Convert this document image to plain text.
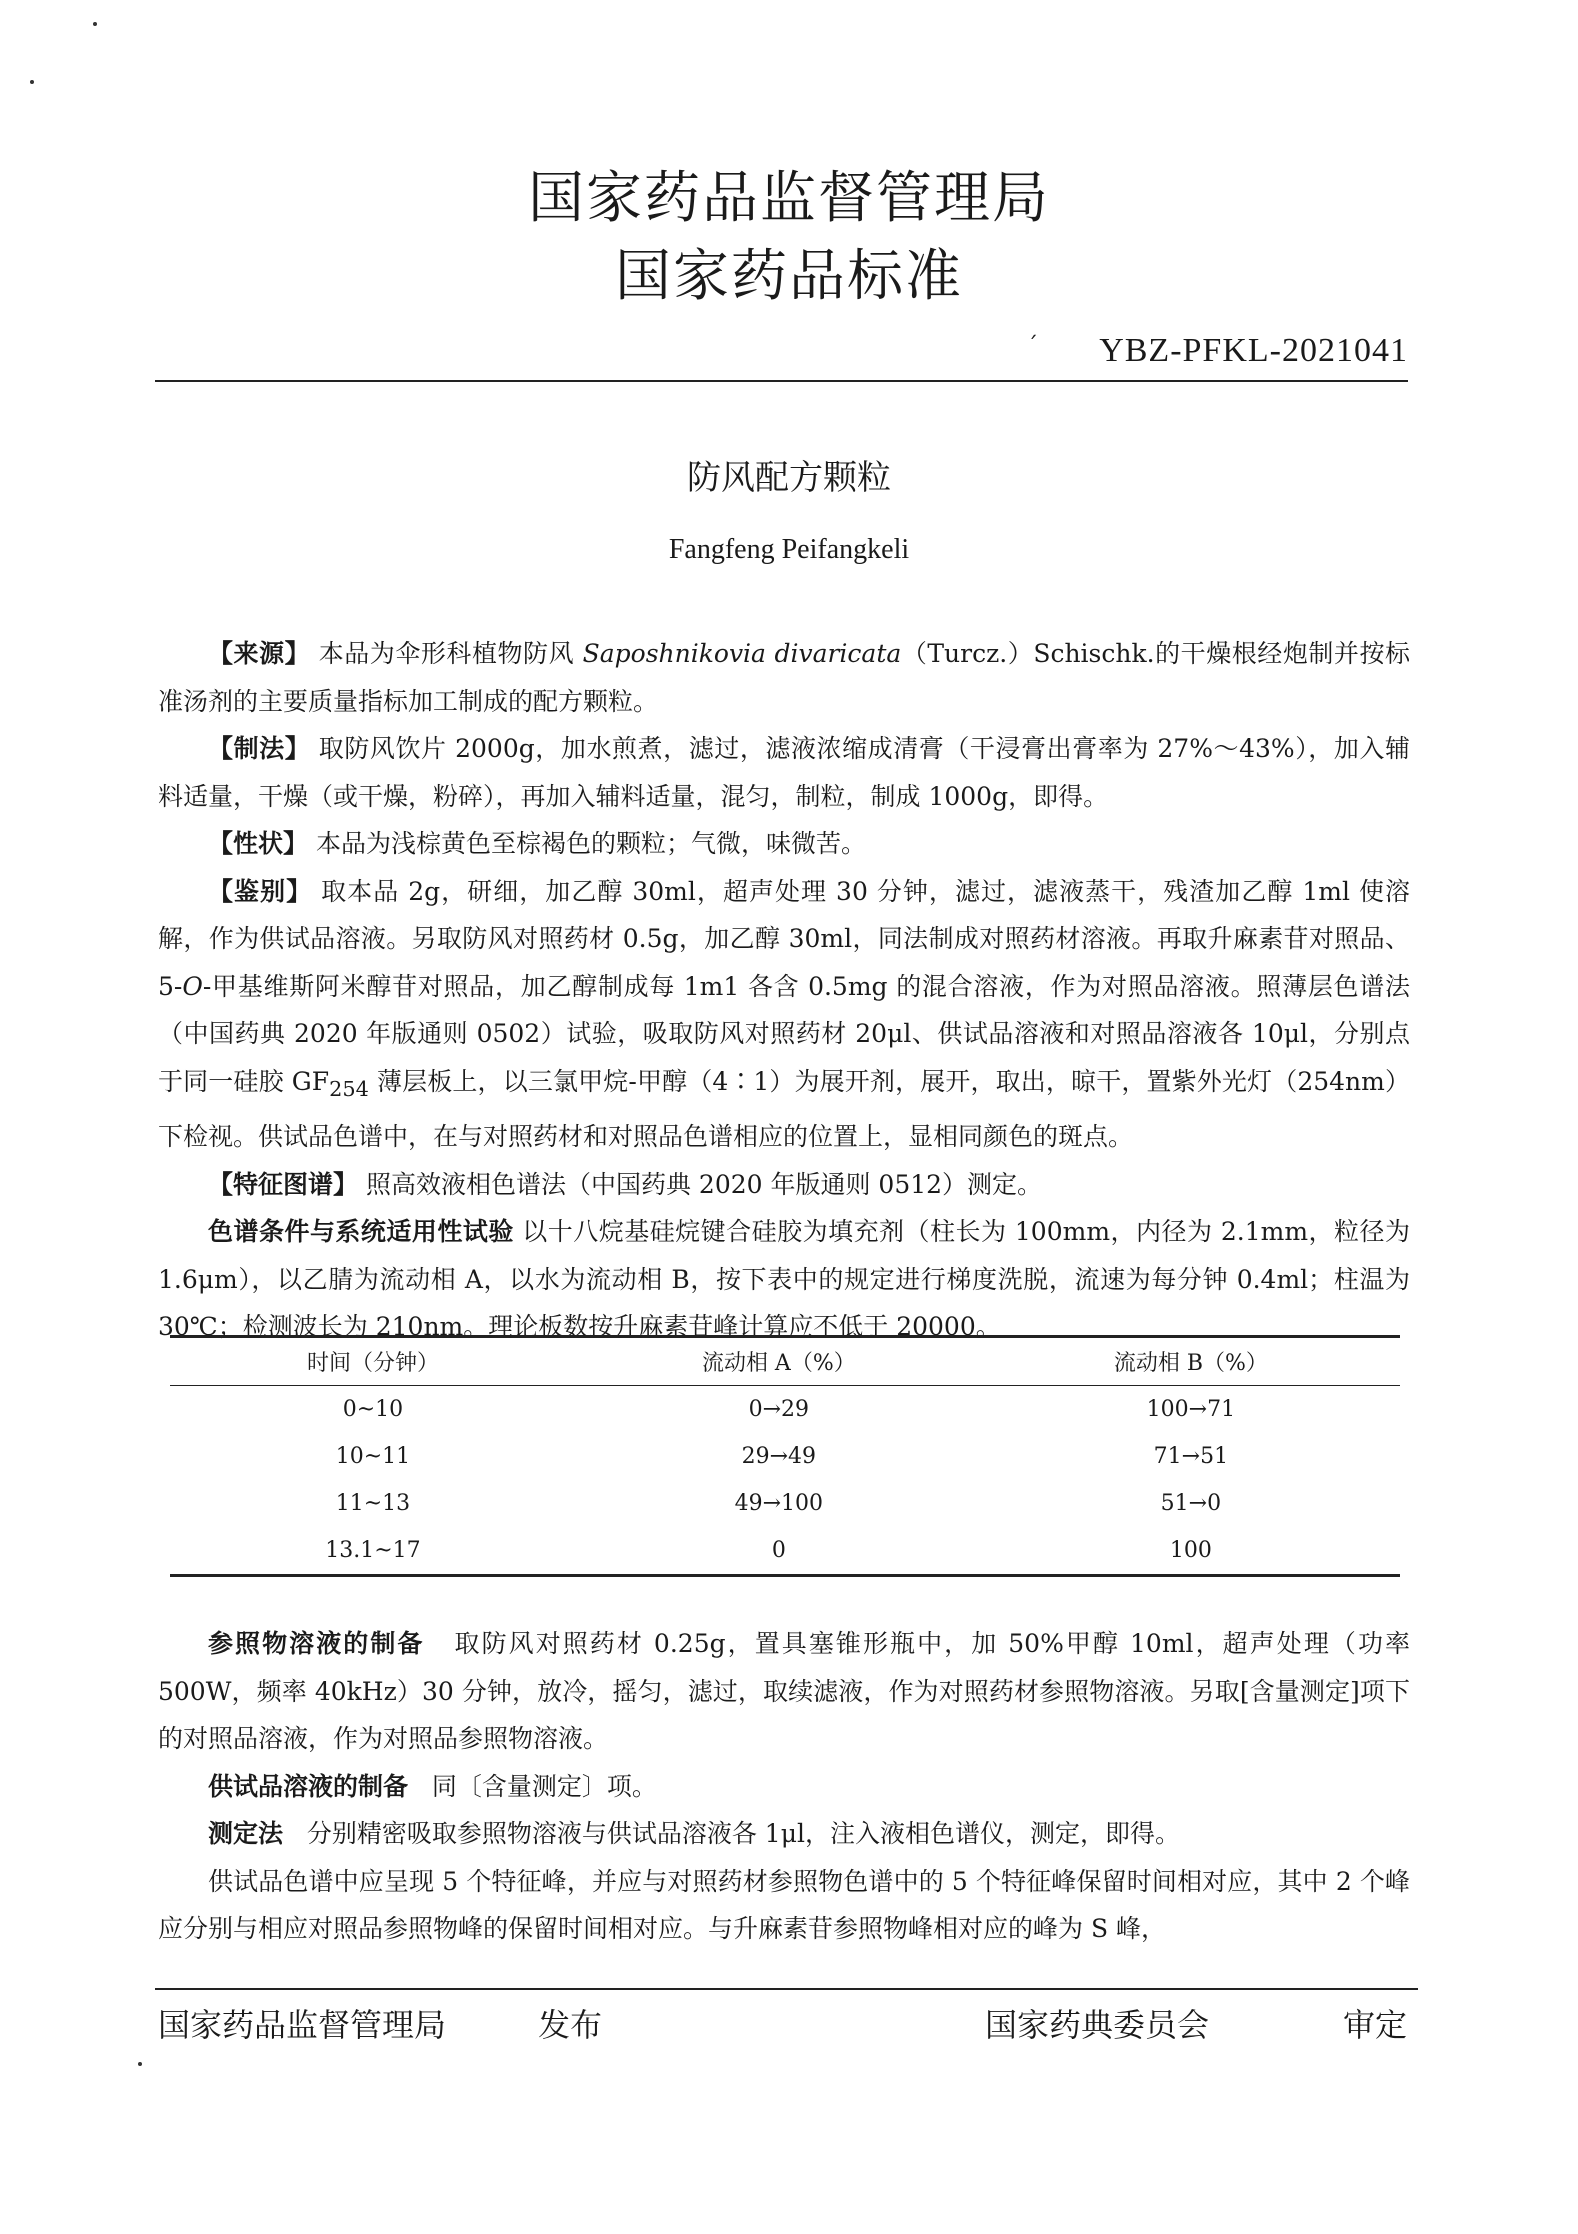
国家药品监督管理局
国家药品标准
ˊ YBZ-PFKL-2021041
防风配方颗粒
Fangfeng Peifangkeli

【来源】 本品为伞形科植物防风 Saposhnikovia divaricata（Turcz.）Schischk.的干燥根经炮制并按标准汤剂的主要质量指标加工制成的配方颗粒。

【制法】 取防风饮片 2000g，加水煎煮，滤过，滤液浓缩成清膏（干浸膏出膏率为 27%～43%），加入辅料适量，干燥（或干燥，粉碎），再加入辅料适量，混匀，制粒，制成 1000g，即得。

【性状】 本品为浅棕黄色至棕褐色的颗粒；气微，味微苦。

【鉴别】 取本品 2g，研细，加乙醇 30ml，超声处理 30 分钟，滤过，滤液蒸干，残渣加乙醇 1ml 使溶解，作为供试品溶液。另取防风对照药材 0.5g，加乙醇 30ml，同法制成对照药材溶液。再取升麻素苷对照品、5-O-甲基维斯阿米醇苷对照品，加乙醇制成每 1m1 各含 0.5mg 的混合溶液，作为对照品溶液。照薄层色谱法（中国药典 2020 年版通则 0502）试验，吸取防风对照药材 20μl、供试品溶液和对照品溶液各 10μl，分别点于同一硅胶 $GF_{254}$ 薄层板上，以三氯甲烷-甲醇（4∶1）为展开剂，展开，取出，晾干，置紫外光灯（254nm）下检视。供试品色谱中，在与对照药材和对照品色谱相应的位置上，显相同颜色的斑点。

【特征图谱】 照高效液相色谱法（中国药典 2020 年版通则 0512）测定。

色谱条件与系统适用性试验 以十八烷基硅烷键合硅胶为填充剂（柱长为 100mm，内径为 2.1mm，粒径为 1.6μm），以乙腈为流动相 A，以水为流动相 B，按下表中的规定进行梯度洗脱，流速为每分钟 0.4ml；柱温为 30℃；检测波长为 210nm。理论板数按升麻素苷峰计算应不低于 20000。

时间（分钟）	流动相 A（%）	流动相 B（%）
0~10	0→29	100→71
10~11	29→49	71→51
11~13	49→100	51→0
13.1~17	0	100

参照物溶液的制备 取防风对照药材 0.25g，置具塞锥形瓶中，加 50%甲醇 10ml，超声处理（功率 500W，频率 40kHz）30 分钟，放冷，摇匀，滤过，取续滤液，作为对照药材参照物溶液。另取[含量测定]项下的对照品溶液，作为对照品参照物溶液。

供试品溶液的制备 同〔含量测定〕项。

测定法 分别精密吸取参照物溶液与供试品溶液各 1μl，注入液相色谱仪，测定，即得。

供试品色谱中应呈现 5 个特征峰，并应与对照药材参照物色谱中的 5 个特征峰保留时间相对应，其中 2 个峰应分别与相应对照品参照物峰的保留时间相对应。与升麻素苷参照物峰相对应的峰为 S 峰，

国家药品监督管理局	发布	国家药典委员会	审定
